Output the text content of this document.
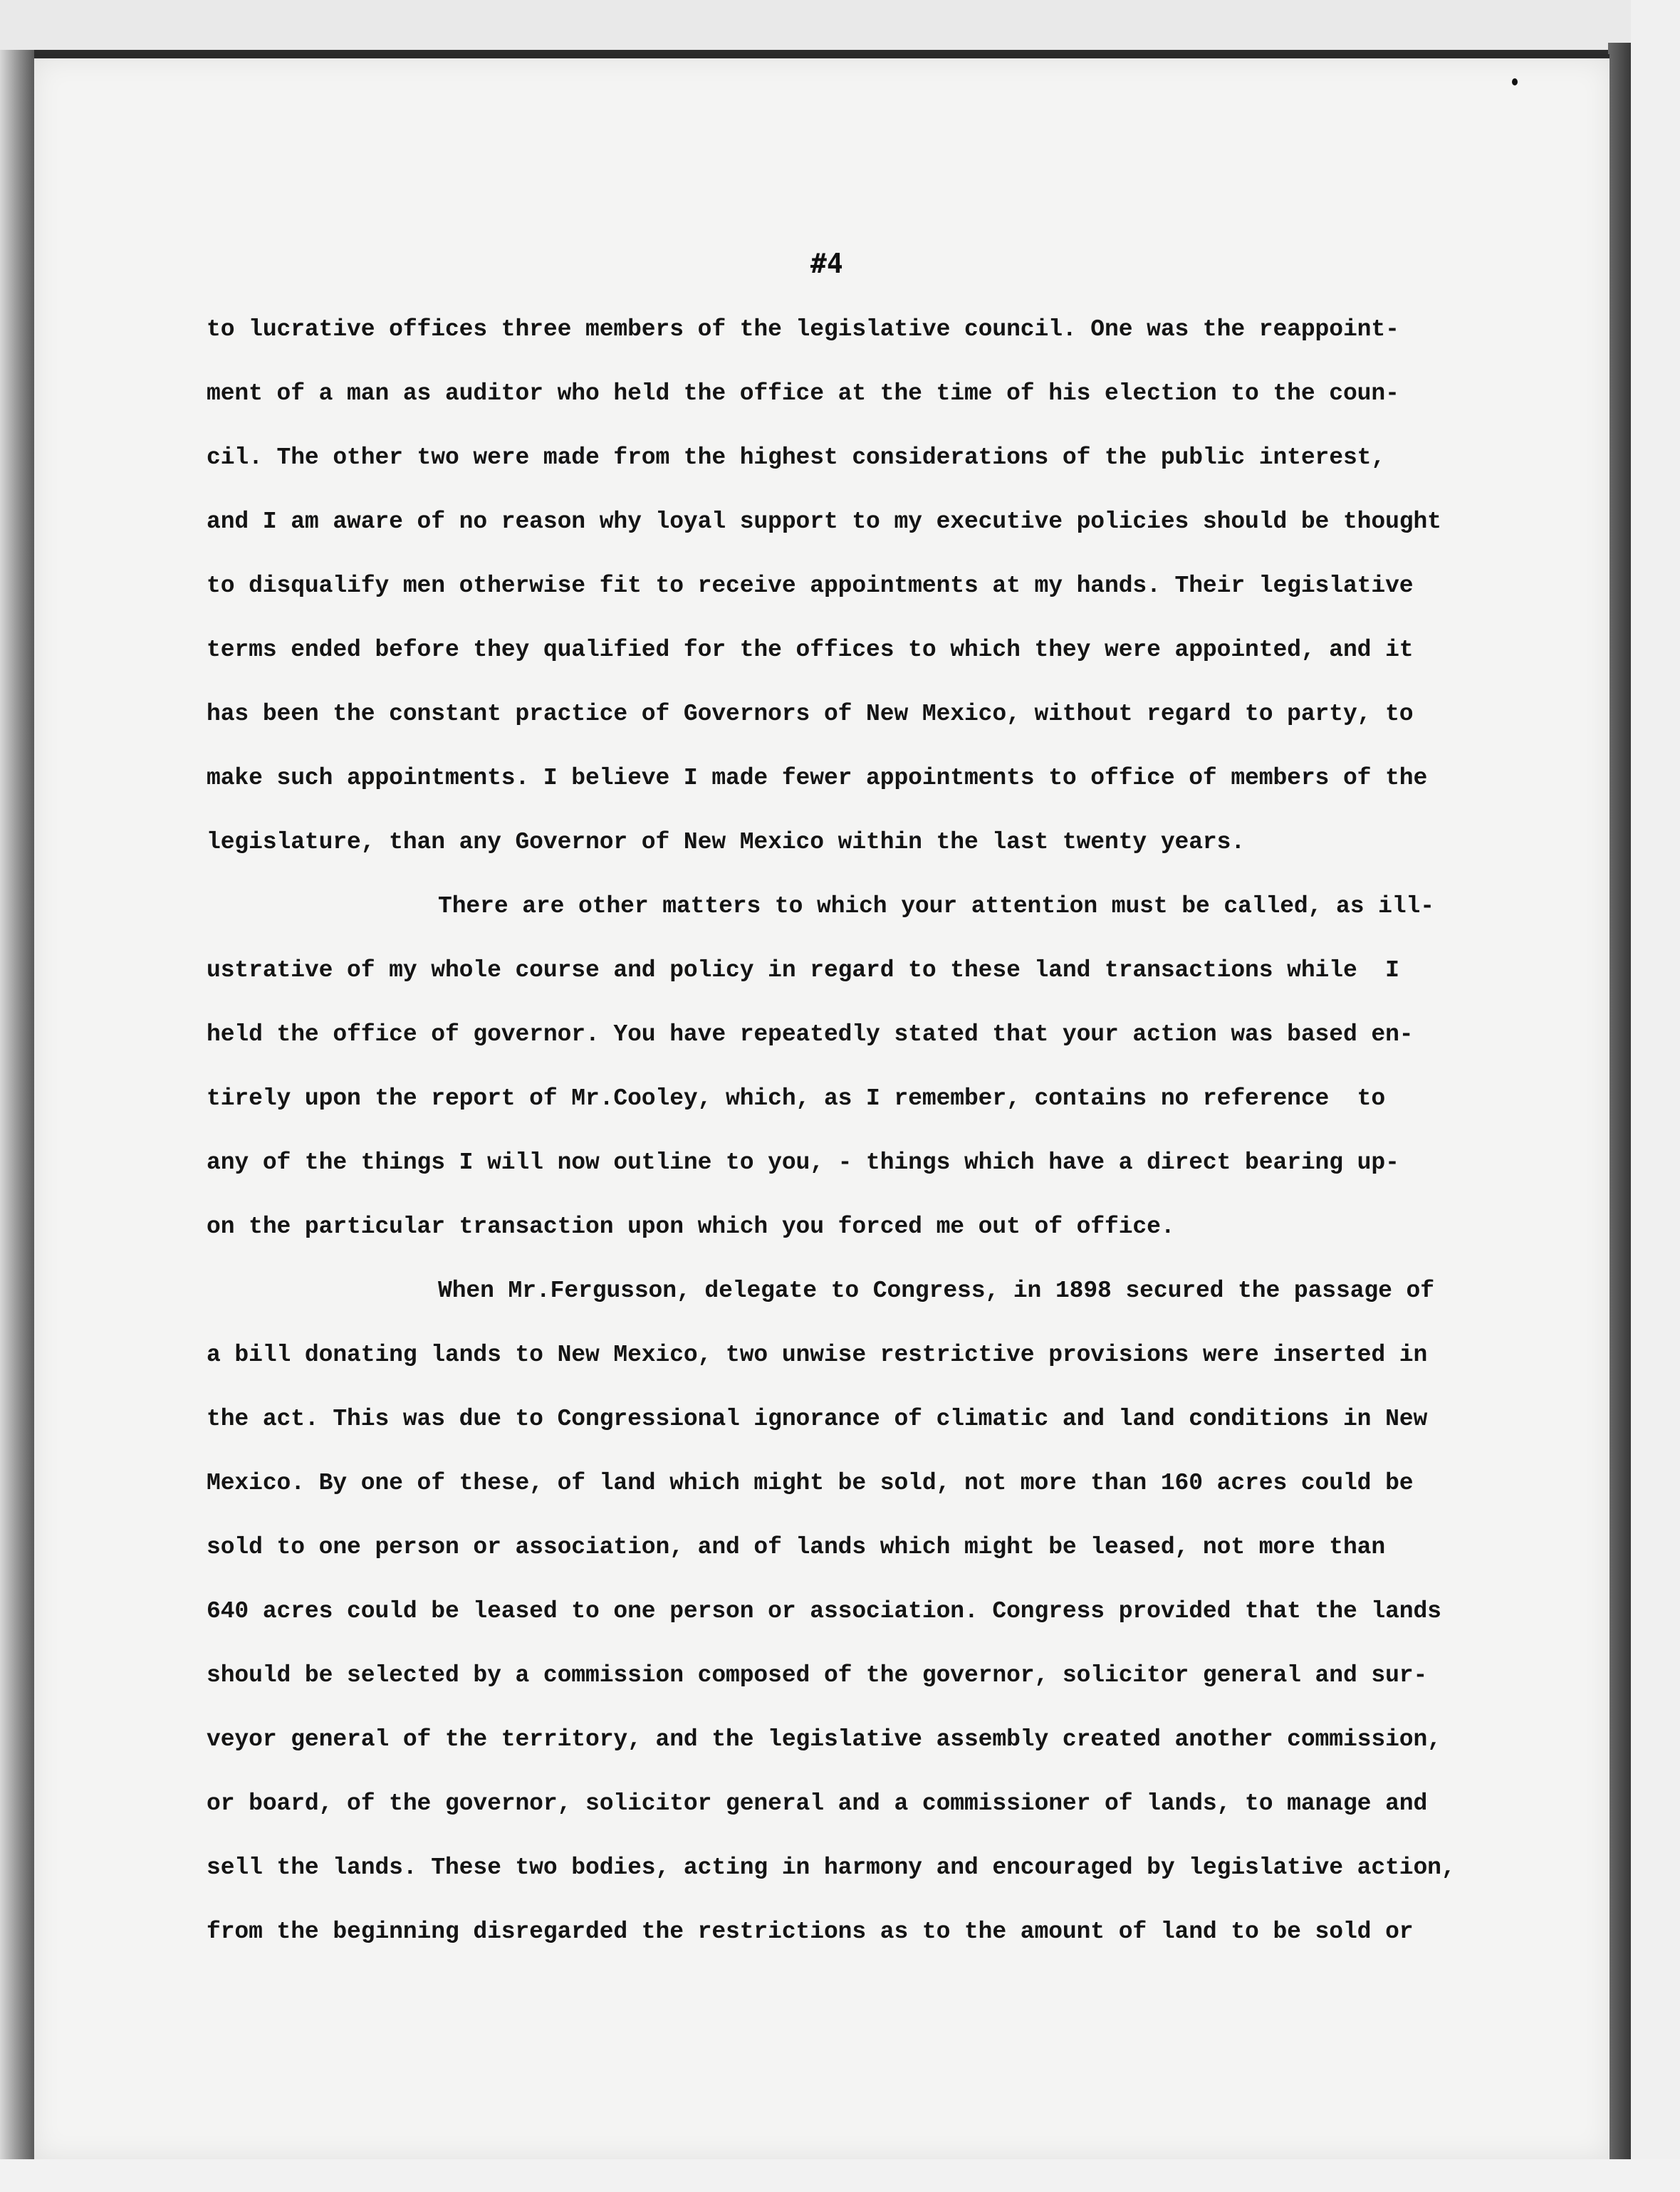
#4
to lucrative offices three members of the legislative council. One was the reappoint-
ment of a man as auditor who held the office at the time of his election to the coun-
cil. The other two were made from the highest considerations of the public interest,
and I am aware of no reason why loyal support to my executive policies should be thought
to disqualify men otherwise fit to receive appointments at my hands. Their legislative
terms ended before they qualified for the offices to which they were appointed, and it
has been the constant practice of Governors of New Mexico, without regard to party, to
make such appointments. I believe I made fewer appointments to office of members of the
legislature, than any Governor of New Mexico within the last twenty years.
There are other matters to which your attention must be called, as ill-
ustrative of my whole course and policy in regard to these land transactions while  I
held the office of governor. You have repeatedly stated that your action was based en-
tirely upon the report of Mr.Cooley, which, as I remember, contains no reference  to
any of the things I will now outline to you, - things which have a direct bearing up-
on the particular transaction upon which you forced me out of office.
When Mr.Fergusson, delegate to Congress, in 1898 secured the passage of
a bill donating lands to New Mexico, two unwise restrictive provisions were inserted in
the act. This was due to Congressional ignorance of climatic and land conditions in New
Mexico. By one of these, of land which might be sold, not more than 160 acres could be
sold to one person or association, and of lands which might be leased, not more than
640 acres could be leased to one person or association. Congress provided that the lands
should be selected by a commission composed of the governor, solicitor general and sur-
veyor general of the territory, and the legislative assembly created another commission,
or board, of the governor, solicitor general and a commissioner of lands, to manage and
sell the lands. These two bodies, acting in harmony and encouraged by legislative action,
from the beginning disregarded the restrictions as to the amount of land to be sold or
